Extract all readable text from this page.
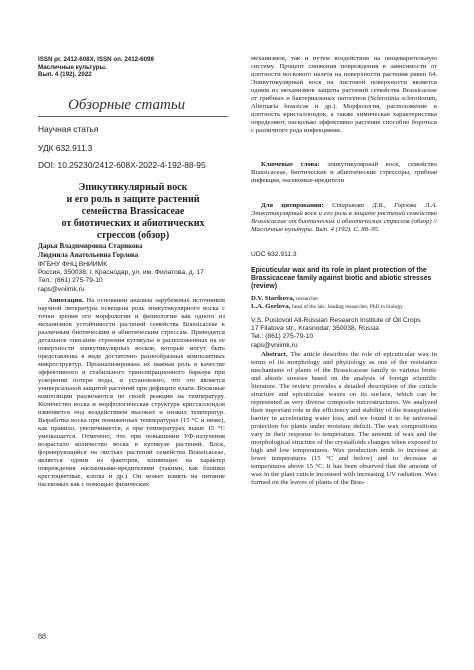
ISSN pr. 2412-608X, ISSN on. 2412-6098
Масличные культуры.
Вып. 4 (192). 2022
Обзорные статьи
Научная статья
УДК 632.911.3
DOI: 10.25230/2412-608X-2022-4-192-88-95
Эпикутикулярный воск
и его роль в защите растений
семейства Brassicaceae
от биотических и абиотических
стрессов (обзор)
Дарья Владимировна Старикова
Людмила Анатольевна Горлова
ФГБНУ ФНЦ ВНИИМК
Россия, 350038, г. Краснодар, ул. им. Филатова, д. 17
Тел.: (861) 275-79-10
raps@vniimk.ru
Аннотация. На основании анализа зарубежных источников научной литературы освещена роль эпикутикулярного воска с точки зрения его морфологии и физиологии как одного из механизмов устойчивости растений семейства Brassicaceae к различным биотическим и абиотическим стрессам. Приводится детальное описание строения кутикулы и расположенных на ее поверхности эпикутикулярных восков, которые могут быть представлены в виде достаточно разнообразных композитных микроструктур. Проанализирована их важная роль в качестве эффективного и стабильного транспирационного барьера при ускорении потери воды, и установлено, что это является универсальной защитой растений при дефиците влаги. Восковые композиции различаются по своей реакции на температуру. Количество воска и морфологическая структура кристаллоидов изменяется под воздействием высоких и низких температур. Выработка воска при пониженных температурах (15 °С и ниже), как правило, увеличивается, а при температурах выше 15 °С уменьшается. Отмечено, что при повышении УФ-излучения возрастало количество воска в кутикуле растений. Воск, формирующийся на листьях растений семейства Brassicaceae, является одним из факторов, влияющих на характер повреждения насекомыми-вредителями (такими, как блошки крестоцветные, клопы и др.). Он может влиять на питание насекомых как с помощью физических
механизмов, так и путем воздействия на пищеварительную систему. Процент снижения повреждения в зависимости от плотности воскового налета на поверхности растения равен 64. Эпикутикулярный воск на листовой поверхности является одним из механизмов защиты растений семейства Brassicaceae от грибных и бактериальных патогенов (Sclerotinia sclerotiorum, Alternaria brassicae и др.). Морфология, расположение и плотность кристаллоидов, а также химическая характеристика определяют, насколько эффективно растение способно бороться с различного рода инфекциями.
Ключевые слова: эпикутикулярный воск, семейство Brassicaceae, биотические и абиотические стрессоры, грибная инфекция, насекомые-вредители
Для цитирования: Старикова Д.В., Горлова Л.А. Эпикутикулярный воск и его роль в защите растений семейства Brassicaceae от биотических и абиотических стрессов (обзор) // Масличные культуры. Вып. 4 (192). С. 88–95.
UDC 632.911.3
Epicuticular wax and its role in plant protection of the Brassicaceae family against biotic and abiotic stresses (review)
D.V. Starikova, researcher
L.A. Gorlova, head of the lab., leading researcher, PhD in biology
V.S. Pustovoit All-Russian Research Institute of Oil Crops
17 Filatova str., Krasnodar, 350038, Russia
Tel.: (861) 275-79-10
raps@vniimk.ru
Abstract. The article describes the role of epicuticular wax in terms of its morphology and physiology as one of the resistance mechanisms of plants of the Brassicaceae family to various biotic and abiotic stresses based on the analysis of foreign scientific literature. The review provides a detailed description of the cuticle structure and epicuticular waxes on its surface, which can be represented as very diverse composite microstructures. We analyzed their important role in the efficiency and stability of the transpiration barrier in accelerating water loss, and we found it to be universal protection for plants under moisture deficit. The wax compositions vary in their response to temperature. The amount of wax and the morphological structure of the crystalloids changes when exposed to high and low temperatures. Wax production tends to increase at lower temperatures (15 °C and below) and to decrease at temperatures above 15 °C. It has been observed that the amount of wax in the plant cuticle increased with increasing UV radiation. Wax formed on the leaves of plants of the Bras-
88
